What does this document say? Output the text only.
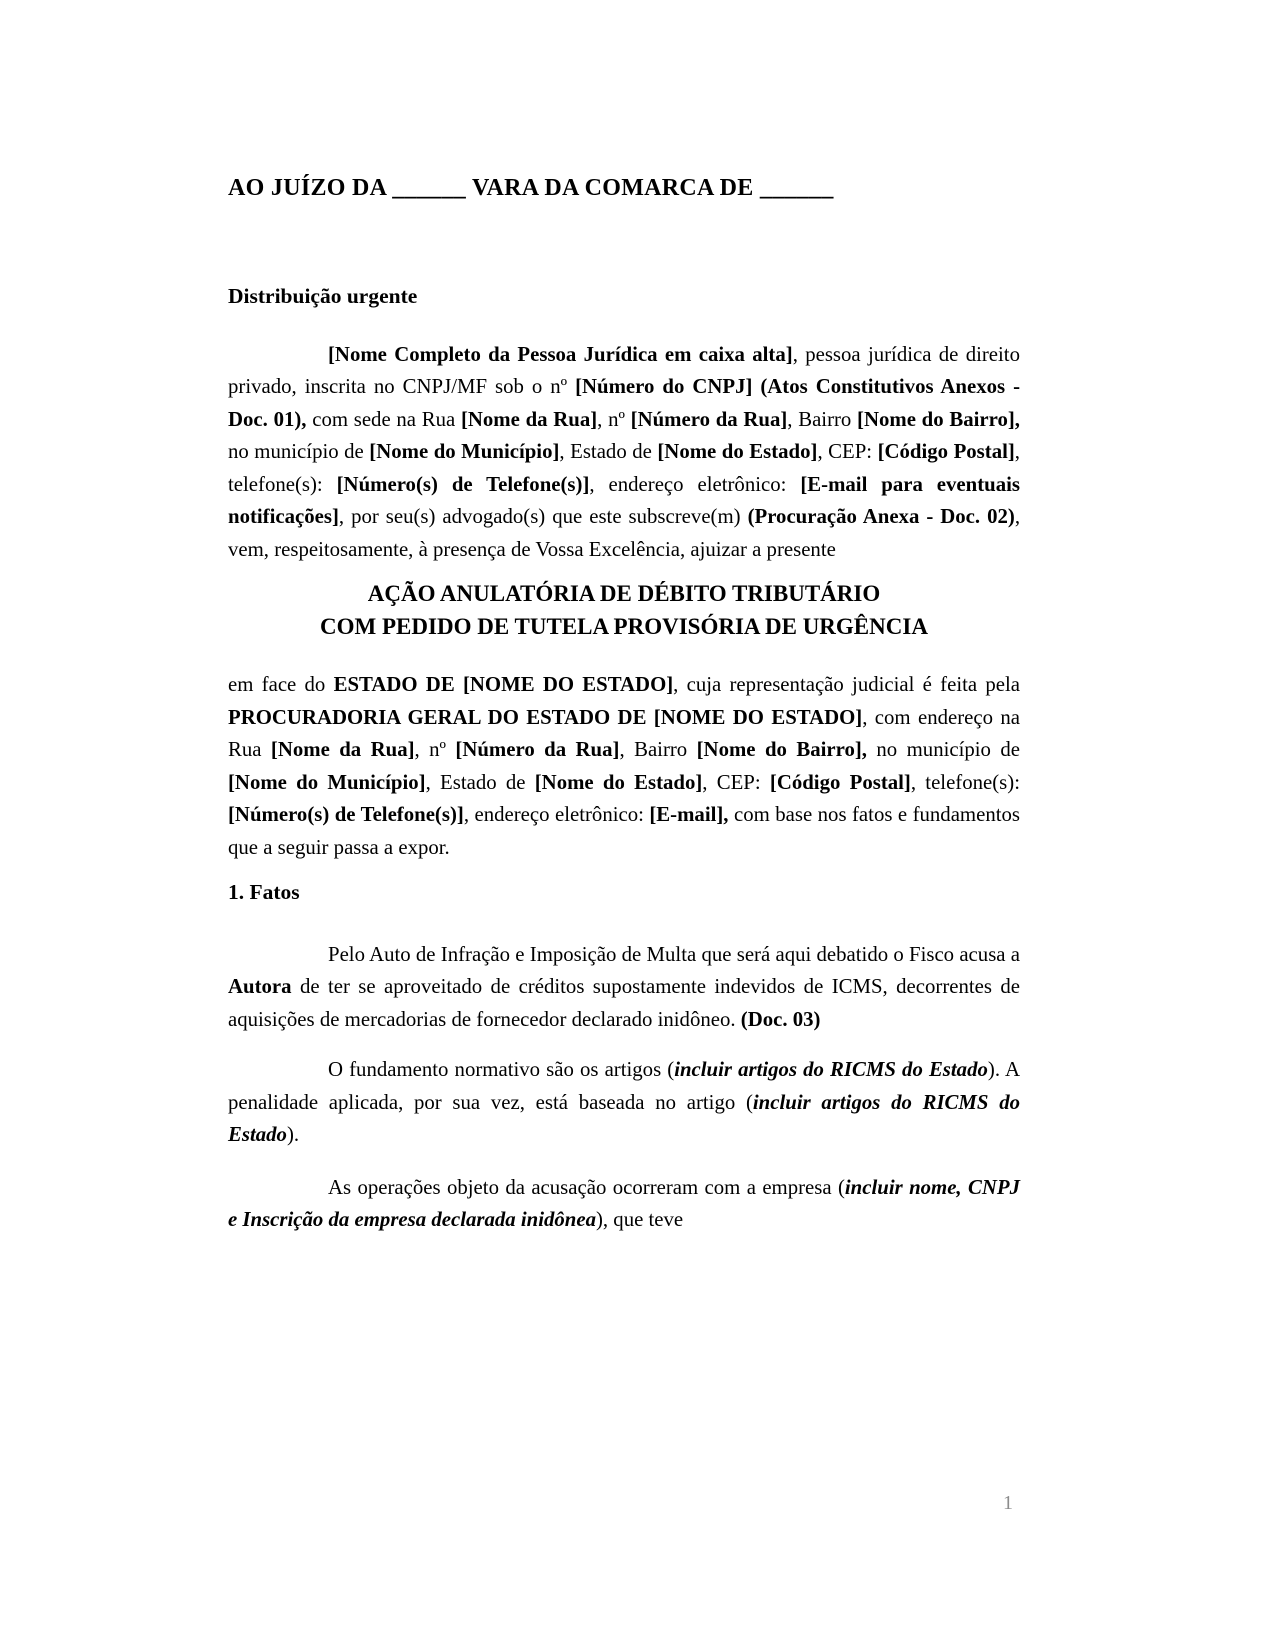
AO JUÍZO DA ______ VARA DA COMARCA DE ______
Distribuição urgente

[Nome Completo da Pessoa Jurídica em caixa alta], pessoa jurídica de direito privado, inscrita no CNPJ/MF sob o nº [Número do CNPJ] (Atos Constitutivos Anexos - Doc. 01), com sede na Rua [Nome da Rua], nº [Número da Rua], Bairro [Nome do Bairro], no município de [Nome do Município], Estado de [Nome do Estado], CEP: [Código Postal], telefone(s): [Número(s) de Telefone(s)], endereço eletrônico: [E-mail para eventuais notificações], por seu(s) advogado(s) que este subscreve(m) (Procuração Anexa - Doc. 02), vem, respeitosamente, à presença de Vossa Excelência, ajuizar a presente

AÇÃO ANULATÓRIA DE DÉBITO TRIBUTÁRIO
COM PEDIDO DE TUTELA PROVISÓRIA DE URGÊNCIA

em face do ESTADO DE [NOME DO ESTADO], cuja representação judicial é feita pela PROCURADORIA GERAL DO ESTADO DE [NOME DO ESTADO], com endereço na Rua [Nome da Rua], nº [Número da Rua], Bairro [Nome do Bairro], no município de [Nome do Município], Estado de [Nome do Estado], CEP: [Código Postal], telefone(s): [Número(s) de Telefone(s)], endereço eletrônico: [E-mail], com base nos fatos e fundamentos que a seguir passa a expor.

1. Fatos

Pelo Auto de Infração e Imposição de Multa que será aqui debatido o Fisco acusa a Autora de ter se aproveitado de créditos supostamente indevidos de ICMS, decorrentes de aquisições de mercadorias de fornecedor declarado inidôneo. (Doc. 03)

O fundamento normativo são os artigos (incluir artigos do RICMS do Estado). A penalidade aplicada, por sua vez, está baseada no artigo (incluir artigos do RICMS do Estado).

As operações objeto da acusação ocorreram com a empresa (incluir nome, CNPJ e Inscrição da empresa declarada inidônea), que teve

1
